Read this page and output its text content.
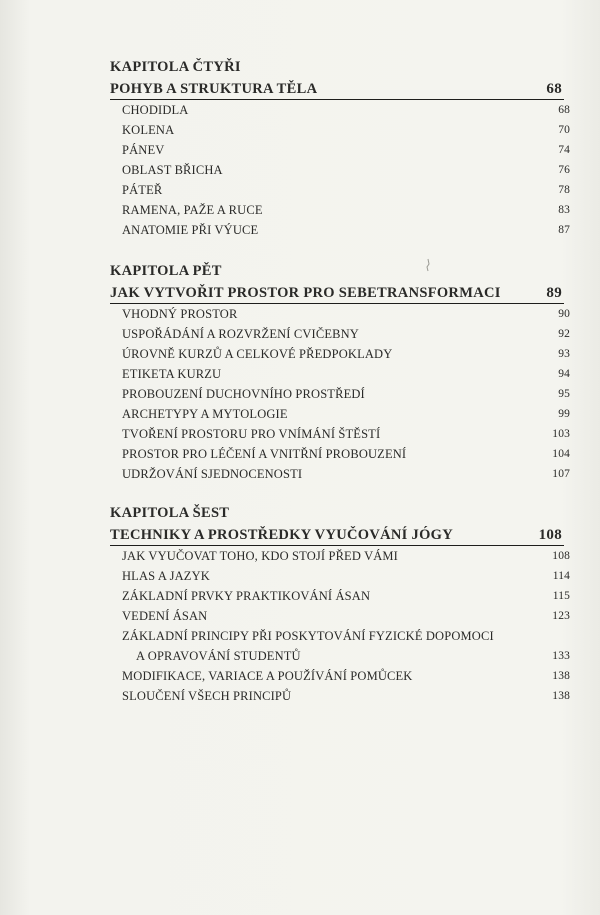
KAPITOLA ČTYŘI
POHYB A STRUKTURA TĚLA	68
CHODIDLA	68
KOLENA	70
PÁNEV	74
OBLAST BŘICHA	76
PÁTEŘ	78
RAMENA, PAŽE A RUCE	83
ANATOMIE PŘI VÝUCE	87
KAPITOLA PĚT
JAK VYTVOŘIT PROSTOR PRO SEBETRANSFORMACI	89
VHODNÝ PROSTOR	90
USPOŘÁDÁNÍ A ROZVRŽENÍ CVIČEBNY	92
ÚROVNĚ KURZŮ A CELKOVÉ PŘEDPOKLADY	93
ETIKETA KURZU	94
PROBOUZENÍ DUCHOVNÍHO PROSTŘEDÍ	95
ARCHETYPY A MYTOLOGIE	99
TVOŘENÍ PROSTORU PRO VNÍMÁNÍ ŠTĚSTÍ	103
PROSTOR PRO LÉČENÍ A VNITŘNÍ PROBOUZENÍ	104
UDRŽOVÁNÍ SJEDNOCENOSTI	107
KAPITOLA ŠEST
TECHNIKY A PROSTŘEDKY VYUČOVÁNÍ JÓGY	108
JAK VYUČOVAT TOHO, KDO STOJÍ PŘED VÁMI	108
HLAS A JAZYK	114
ZÁKLADNÍ PRVKY PRAKTIKOVÁNÍ ÁSAN	115
VEDENÍ ÁSAN	123
ZÁKLADNÍ PRINCIPY PŘI POSKYTOVÁNÍ FYZICKÉ DOPOMOCI A OPRAVOVÁNÍ STUDENTŮ	133
MODIFIKACE, VARIACE A POUŽÍVÁNÍ POMŮCEK	138
SLOUČENÍ VŠECH PRINCIPŮ	138
